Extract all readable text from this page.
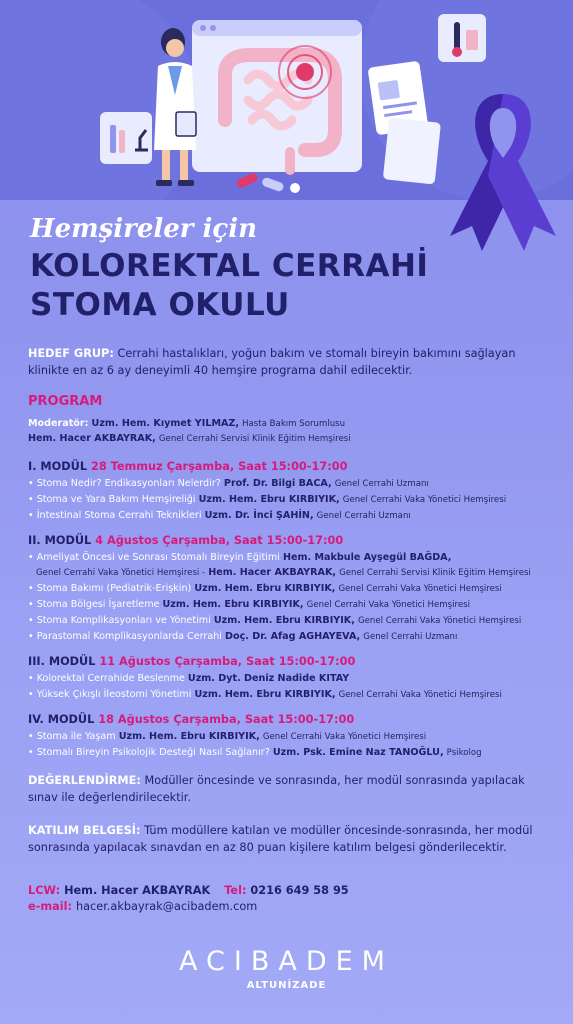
Hemşireler için
KOLOREKTAL CERRAHİ
STOMA OKULU
HEDEF GRUP: Cerrahi hastalıkları, yoğun bakım ve stomalı bireyin bakımını sağlayan klinikte en az 6 ay deneyimli 40 hemşire programa dahil edilecektir.
PROGRAM
Moderatör: Uzm. Hem. Kıymet YILMAZ, Hasta Bakım Sorumlusu
Hem. Hacer AKBAYRAK, Genel Cerrahi Servisi Klinik Eğitim Hemşiresi
I. MODÜL 28 Temmuz Çarşamba, Saat 15:00-17:00
• Stoma Nedir? Endikasyonları Nelerdir? Prof. Dr. Bilgi BACA, Genel Cerrahi Uzmanı
• Stoma ve Yara Bakım Hemşireliği Uzm. Hem. Ebru KIRBIYIK, Genel Cerrahi Vaka Yönetici Hemşiresi
• İntestinal Stoma Cerrahi Teknikleri Uzm. Dr. İnci ŞAHİN, Genel Cerrahi Uzmanı
II. MODÜL 4 Ağustos Çarşamba, Saat 15:00-17:00
• Ameliyat Öncesi ve Sonrası Stomalı Bireyin Eğitimi Hem. Makbule Ayşegül BAĞDA,
Genel Cerrahi Vaka Yönetici Hemşiresi - Hem. Hacer AKBAYRAK, Genel Cerrahi Servisi Klinik Eğitim Hemşiresi
• Stoma Bakımı (Pediatrik-Erişkin) Uzm. Hem. Ebru KIRBIYIK, Genel Cerrahi Vaka Yönetici Hemşiresi
• Stoma Bölgesi İşaretleme Uzm. Hem. Ebru KIRBIYIK, Genel Cerrahi Vaka Yönetici Hemşiresi
• Stoma Komplikasyonları ve Yönetimi Uzm. Hem. Ebru KIRBIYIK, Genel Cerrahi Vaka Yönetici Hemşiresi
• Parastomal Komplikasyonlarda Cerrahi Doç. Dr. Afag AGHAYEVA, Genel Cerrahi Uzmanı
III. MODÜL 11 Ağustos Çarşamba, Saat 15:00-17:00
• Kolorektal Cerrahide Beslenme Uzm. Dyt. Deniz Nadide KITAY
• Yüksek Çıkışlı İleostomi Yönetimi Uzm. Hem. Ebru KIRBIYIK, Genel Cerrahi Vaka Yönetici Hemşiresi
IV. MODÜL 18 Ağustos Çarşamba, Saat 15:00-17:00
• Stoma ile Yaşam Uzm. Hem. Ebru KIRBIYIK, Genel Cerrahi Vaka Yönetici Hemşiresi
• Stomalı Bireyin Psikolojik Desteği Nasıl Sağlanır? Uzm. Psk. Emine Naz TANOĞLU, Psikolog
DEĞERLENDİRME: Modüller öncesinde ve sonrasında, her modül sonrasında yapılacak sınav ile değerlendirilecektir.
KATILIM BELGESİ: Tüm modüllere katılan ve modüller öncesinde-sonrasında, her modül sonrasında yapılacak sınavdan en az 80 puan kişilere katılım belgesi gönderilecektir.
LCW: Hem. Hacer AKBAYRAK Tel: 0216 649 58 95
e-mail: hacer.akbayrak@acibadem.com
ACIBADEM
ALTUNİZADE
